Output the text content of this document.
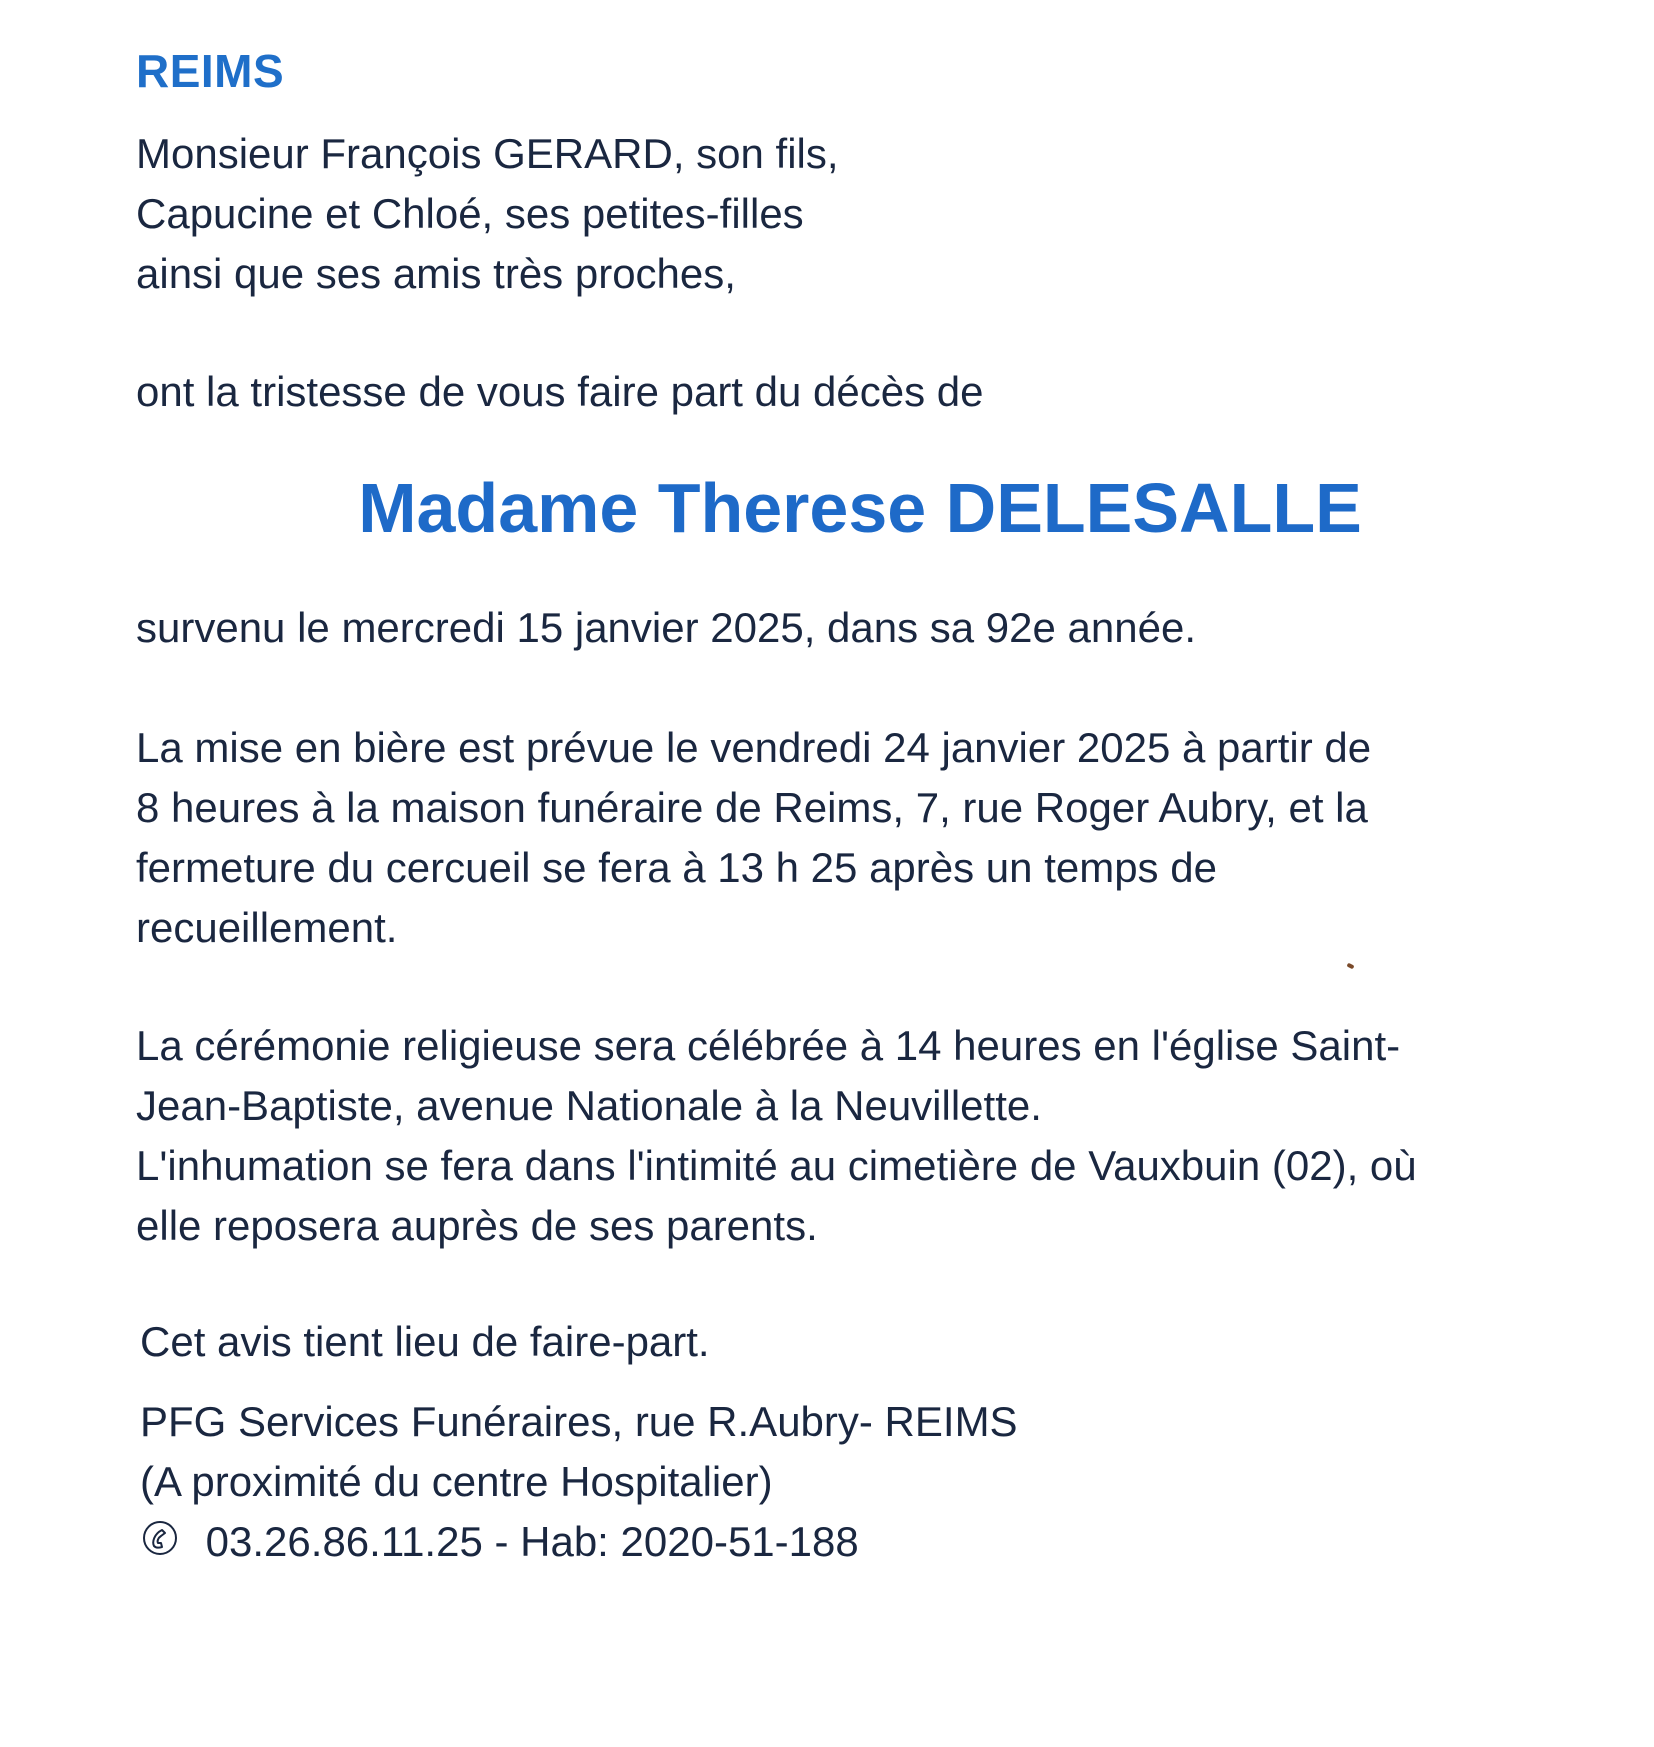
REIMS
Monsieur François GERARD, son fils,
Capucine et Chloé, ses petites-filles
ainsi que ses amis très proches,
ont la tristesse de vous faire part du décès de
Madame Therese DELESALLE
survenu le mercredi 15 janvier 2025, dans sa 92e année.
La mise en bière est prévue le vendredi 24 janvier 2025 à partir de
8 heures à la maison funéraire de Reims, 7, rue Roger Aubry, et la
fermeture du cercueil se fera à 13 h 25 après un temps de
recueillement.
La cérémonie religieuse sera célébrée à 14 heures en l'église Saint-
Jean-Baptiste, avenue Nationale à la Neuvillette.
L'inhumation se fera dans l'intimité au cimetière de Vauxbuin (02), où
elle reposera auprès de ses parents.
Cet avis tient lieu de faire-part.
PFG Services Funéraires, rue R.Aubry- REIMS
(A proximité du centre Hospitalier)
03.26.86.11.25 - Hab: 2020-51-188
